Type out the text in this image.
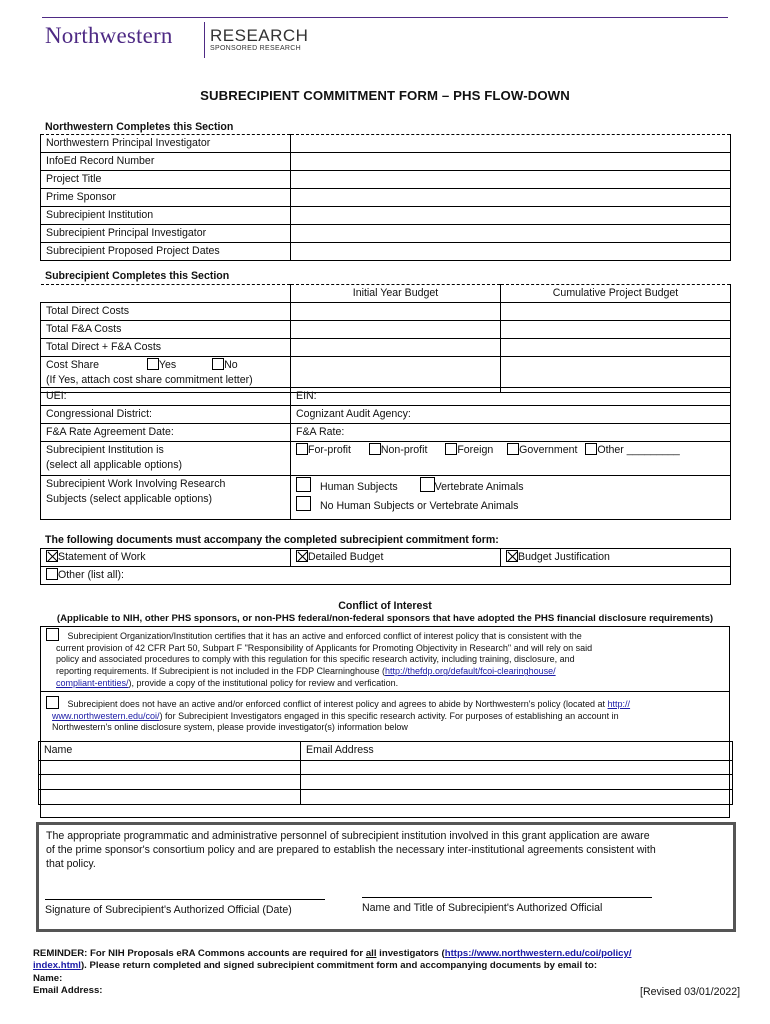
Northwestern RESEARCH
SPONSORED RESEARCH
SUBRECIPIENT COMMITMENT FORM – PHS FLOW-DOWN
Northwestern Completes this Section
Northwestern Principal Investigator	
InfoEd Record Number	
Project Title	
Prime Sponsor	
Subrecipient Institution	
Subrecipient Principal Investigator	
Subrecipient Proposed Project Dates	
Subrecipient Completes this Section
	Initial Year Budget	Cumulative Project Budget
Total Direct Costs		
Total F&A Costs		
Total Direct + F&A Costs		
Cost Share Yes No
(If Yes, attach cost share commitment letter)		
UEI:	EIN:
Congressional District:	Cognizant Audit Agency:
F&A Rate Agreement Date:	F&A Rate:
Subrecipient Institution is
(select all applicable options)	For-profit Non-profit Foreign Government Other _________
Subrecipient Work Involving Research
Subjects (select applicable options)	Human Subjects Vertebrate Animals
No Human Subjects or Vertebrate Animals
The following documents must accompany the completed subrecipient commitment form:
Statement of Work	Detailed Budget	Budget Justification
Other (list all):
Conflict of Interest
(Applicable to NIH, other PHS sponsors, or non-PHS federal/non-federal sponsors that have adopted the PHS financial disclosure requirements)
Subrecipient Organization/Institution certifies that it has an active and enforced conflict of interest policy that is consistent with the
current provision of 42 CFR Part 50, Subpart F "Responsibility of Applicants for Promoting Objectivity in Research" and will rely on said
policy and associated procedures to comply with this regulation for this specific research activity, including training, disclosure, and
reporting requirements. If Subrecipient is not included in the FDP Clearninghouse (http://thefdp.org/default/fcoi-clearinghouse/
compliant-entities/), provide a copy of the institutional policy for review and verfication.
Subrecipient does not have an active and/or enforced conflict of interest policy and agrees to abide by Northwestern's policy (located at http://
www.northwestern.edu/coi/) for Subrecipient Investigators engaged in this specific research activity. For purposes of establishing an account in
Northwestern's online disclosure system, please provide investigator(s) information below
Name	Email Address

The appropriate programmatic and administrative personnel of subrecipient institution involved in this grant application are aware
of the prime sponsor's consortium policy and are prepared to establish the necessary inter-institutional agreements consistent with
that policy.
Signature of Subrecipient's Authorized Official (Date)	Name and Title of Subrecipient's Authorized Official
REMINDER: For NIH Proposals eRA Commons accounts are required for all investigators (https://www.northwestern.edu/coi/policy/
index.html). Please return completed and signed subrecipient commitment form and accompanying documents by email to:
Name:
Email Address:	[Revised 03/01/2022]
